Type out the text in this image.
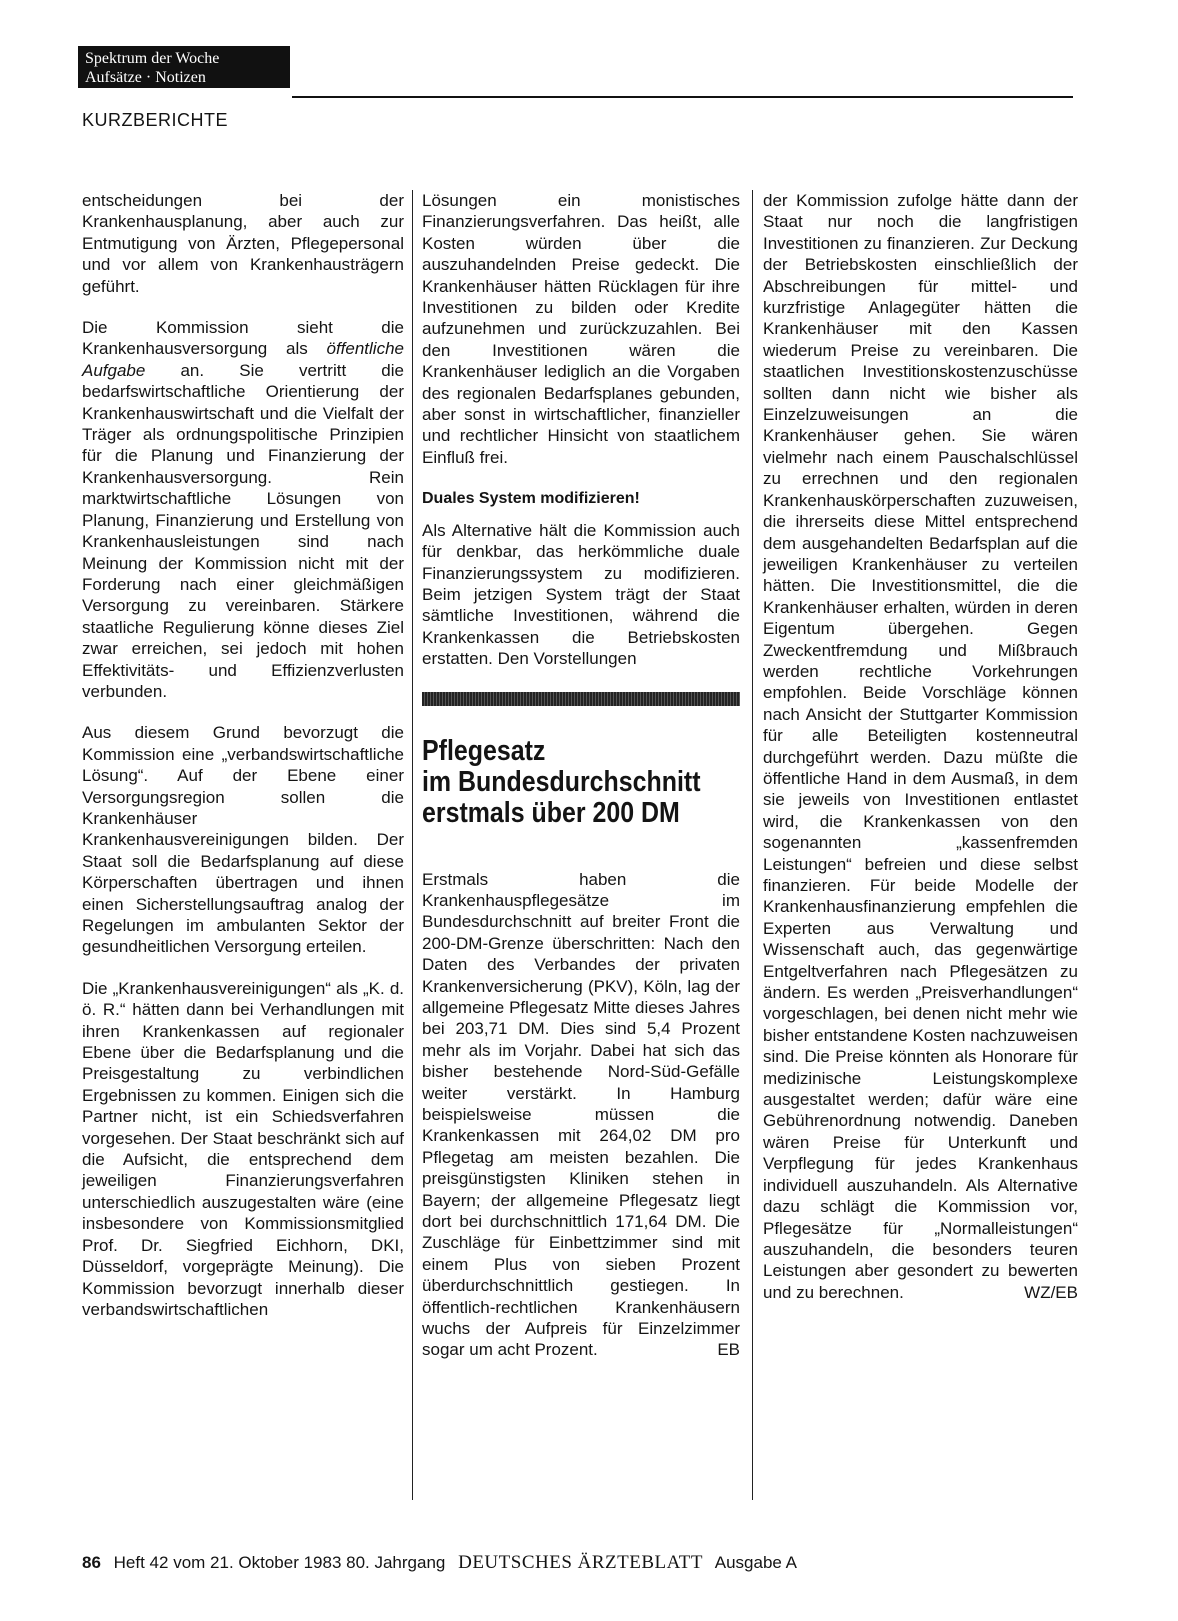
Spektrum der Woche
Aufsätze · Notizen
KURZBERICHTE

entscheidungen bei der Krankenhausplanung, aber auch zur Entmutigung von Ärzten, Pflegepersonal und vor allem von Krankenhausträgern geführt.

Die Kommission sieht die Krankenhausversorgung als öffentliche Aufgabe an. Sie vertritt die bedarfswirtschaftliche Orientierung der Krankenhauswirtschaft und die Vielfalt der Träger als ordnungspolitische Prinzipien für die Planung und Finanzierung der Krankenhausversorgung. Rein marktwirtschaftliche Lösungen von Planung, Finanzierung und Erstellung von Krankenhausleistungen sind nach Meinung der Kommission nicht mit der Forderung nach einer gleichmäßigen Versorgung zu vereinbaren. Stärkere staatliche Regulierung könne dieses Ziel zwar erreichen, sei jedoch mit hohen Effektivitäts- und Effizienzverlusten verbunden.

Aus diesem Grund bevorzugt die Kommission eine „verbandswirtschaftliche Lösung“. Auf der Ebene einer Versorgungsregion sollen die Krankenhäuser Krankenhausvereinigungen bilden. Der Staat soll die Bedarfsplanung auf diese Körperschaften übertragen und ihnen einen Sicherstellungsauftrag analog der Regelungen im ambulanten Sektor der gesundheitlichen Versorgung erteilen.

Die „Krankenhausvereinigungen“ als „K. d. ö. R.“ hätten dann bei Verhandlungen mit ihren Krankenkassen auf regionaler Ebene über die Bedarfsplanung und die Preisgestaltung zu verbindlichen Ergebnissen zu kommen. Einigen sich die Partner nicht, ist ein Schiedsverfahren vorgesehen. Der Staat beschränkt sich auf die Aufsicht, die entsprechend dem jeweiligen Finanzierungsverfahren unterschiedlich auszugestalten wäre (eine insbesondere von Kommissionsmitglied Prof. Dr. Siegfried Eichhorn, DKI, Düsseldorf, vorgeprägte Meinung). Die Kommission bevorzugt innerhalb dieser verbandswirtschaftlichen

Lösungen ein monistisches Finanzierungsverfahren. Das heißt, alle Kosten würden über die auszuhandelnden Preise gedeckt. Die Krankenhäuser hätten Rücklagen für ihre Investitionen zu bilden oder Kredite aufzunehmen und zurückzuzahlen. Bei den Investitionen wären die Krankenhäuser lediglich an die Vorgaben des regionalen Bedarfsplanes gebunden, aber sonst in wirtschaftlicher, finanzieller und rechtlicher Hinsicht von staatlichem Einfluß frei.

Duales System modifizieren!

Als Alternative hält die Kommission auch für denkbar, das herkömmliche duale Finanzierungssystem zu modifizieren. Beim jetzigen System trägt der Staat sämtliche Investitionen, während die Krankenkassen die Betriebskosten erstatten. Den Vorstellungen

Pflegesatz
im Bundesdurchschnitt
erstmals über 200 DM

Erstmals haben die Krankenhauspflegesätze im Bundesdurchschnitt auf breiter Front die 200-DM-Grenze überschritten: Nach den Daten des Verbandes der privaten Krankenversicherung (PKV), Köln, lag der allgemeine Pflegesatz Mitte dieses Jahres bei 203,71 DM. Dies sind 5,4 Prozent mehr als im Vorjahr. Dabei hat sich das bisher bestehende Nord-Süd-Gefälle weiter verstärkt. In Hamburg beispielsweise müssen die Krankenkassen mit 264,02 DM pro Pflegetag am meisten bezahlen. Die preisgünstigsten Kliniken stehen in Bayern; der allgemeine Pflegesatz liegt dort bei durchschnittlich 171,64 DM. Die Zuschläge für Einbettzimmer sind mit einem Plus von sieben Prozent überdurchschnittlich gestiegen. In öffentlich-rechtlichen Krankenhäusern wuchs der Aufpreis für Einzelzimmer sogar um acht Prozent.	EB

der Kommission zufolge hätte dann der Staat nur noch die langfristigen Investitionen zu finanzieren. Zur Deckung der Betriebskosten einschließlich der Abschreibungen für mittel- und kurzfristige Anlagegüter hätten die Krankenhäuser mit den Kassen wiederum Preise zu vereinbaren. Die staatlichen Investitionskostenzuschüsse sollten dann nicht wie bisher als Einzelzuweisungen an die Krankenhäuser gehen. Sie wären vielmehr nach einem Pauschalschlüssel zu errechnen und den regionalen Krankenhauskörperschaften zuzuweisen, die ihrerseits diese Mittel entsprechend dem ausgehandelten Bedarfsplan auf die jeweiligen Krankenhäuser zu verteilen hätten. Die Investitionsmittel, die die Krankenhäuser erhalten, würden in deren Eigentum übergehen. Gegen Zweckentfremdung und Mißbrauch werden rechtliche Vorkehrungen empfohlen. Beide Vorschläge können nach Ansicht der Stuttgarter Kommission für alle Beteiligten kostenneutral durchgeführt werden. Dazu müßte die öffentliche Hand in dem Ausmaß, in dem sie jeweils von Investitionen entlastet wird, die Krankenkassen von den sogenannten „kassenfremden Leistungen“ befreien und diese selbst finanzieren. Für beide Modelle der Krankenhausfinanzierung empfehlen die Experten aus Verwaltung und Wissenschaft auch, das gegenwärtige Entgeltverfahren nach Pflegesätzen zu ändern. Es werden „Preisverhandlungen“ vorgeschlagen, bei denen nicht mehr wie bisher entstandene Kosten nachzuweisen sind. Die Preise könnten als Honorare für medizinische Leistungskomplexe ausgestaltet werden; dafür wäre eine Gebührenordnung notwendig. Daneben wären Preise für Unterkunft und Verpflegung für jedes Krankenhaus individuell auszuhandeln. Als Alternative dazu schlägt die Kommission vor, Pflegesätze für „Normalleistungen“ auszuhandeln, die besonders teuren Leistungen aber gesondert zu bewerten und zu berechnen.	WZ/EB

86 Heft 42 vom 21. Oktober 1983 80. Jahrgang DEUTSCHES ÄRZTEBLATT Ausgabe A
